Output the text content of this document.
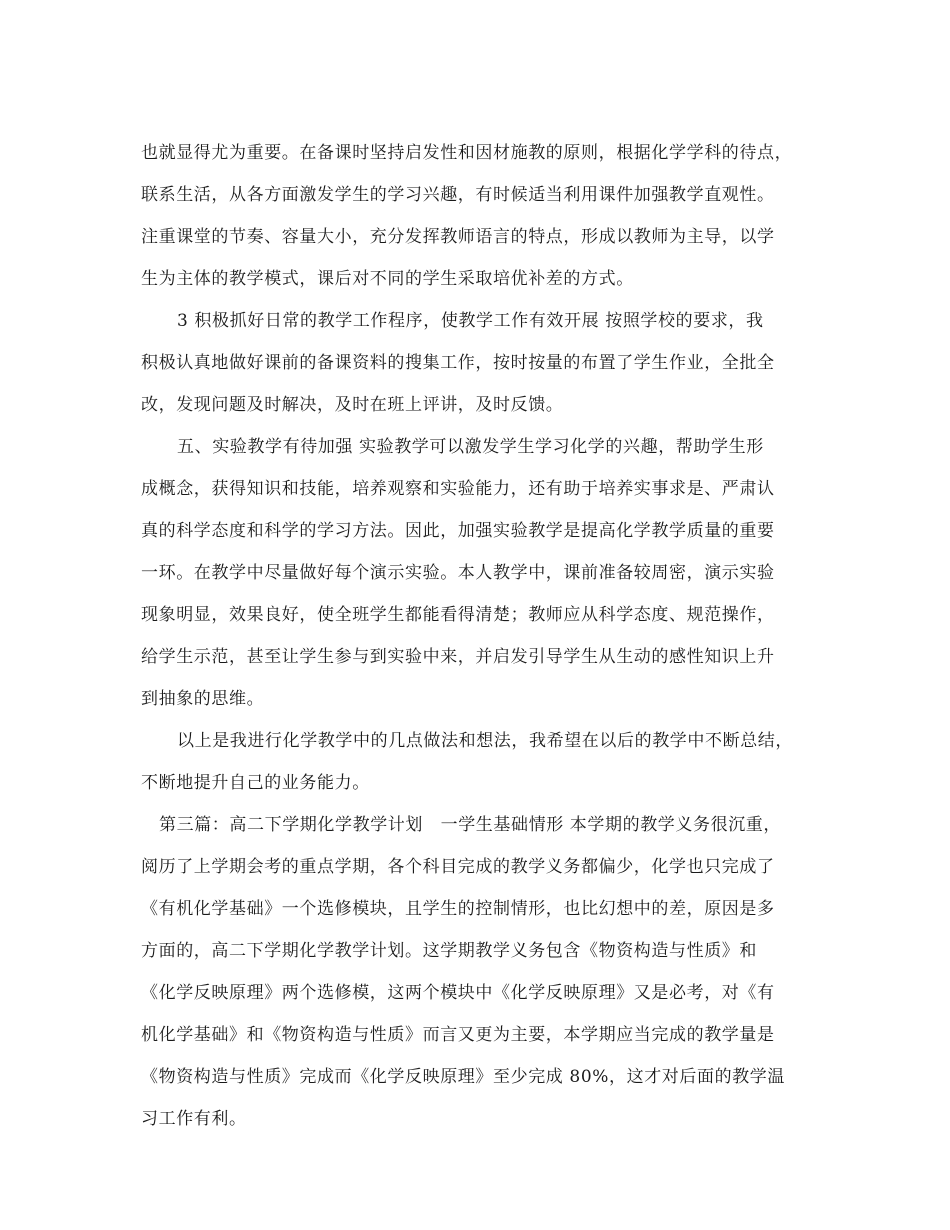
也就显得尤为重要。在备课时坚持启发性和因材施教的原则，根据化学学科的待点，
联系生活，从各方面激发学生的学习兴趣，有时候适当利用课件加强教学直观性。
注重课堂的节奏、容量大小，充分发挥教师语言的特点，形成以教师为主导，以学
生为主体的教学模式，课后对不同的学生采取培优补差的方式。
3 积极抓好日常的教学工作程序，使教学工作有效开展 按照学校的要求，我
积极认真地做好课前的备课资料的搜集工作，按时按量的布置了学生作业，全批全
改，发现问题及时解决，及时在班上评讲，及时反馈。
五、实验教学有待加强 实验教学可以激发学生学习化学的兴趣，帮助学生形
成概念，获得知识和技能，培养观察和实验能力，还有助于培养实事求是、严肃认
真的科学态度和科学的学习方法。因此，加强实验教学是提高化学教学质量的重要
一环。在教学中尽量做好每个演示实验。本人教学中，课前准备较周密，演示实验
现象明显，效果良好，使全班学生都能看得清楚；教师应从科学态度、规范操作，
给学生示范，甚至让学生参与到实验中来，并启发引导学生从生动的感性知识上升
到抽象的思维。
以上是我进行化学教学中的几点做法和想法，我希望在以后的教学中不断总结，
不断地提升自己的业务能力。
第三篇：高二下学期化学教学计划　一学生基础情形 本学期的教学义务很沉重，
阅历了上学期会考的重点学期，各个科目完成的教学义务都偏少，化学也只完成了
《有机化学基础》一个选修模块，且学生的控制情形，也比幻想中的差，原因是多
方面的，高二下学期化学教学计划。这学期教学义务包含《物资构造与性质》和
《化学反映原理》两个选修模，这两个模块中《化学反映原理》又是必考，对《有
机化学基础》和《物资构造与性质》而言又更为主要，本学期应当完成的教学量是
《物资构造与性质》完成而《化学反映原理》至少完成 80%，这才对后面的教学温
习工作有利。
